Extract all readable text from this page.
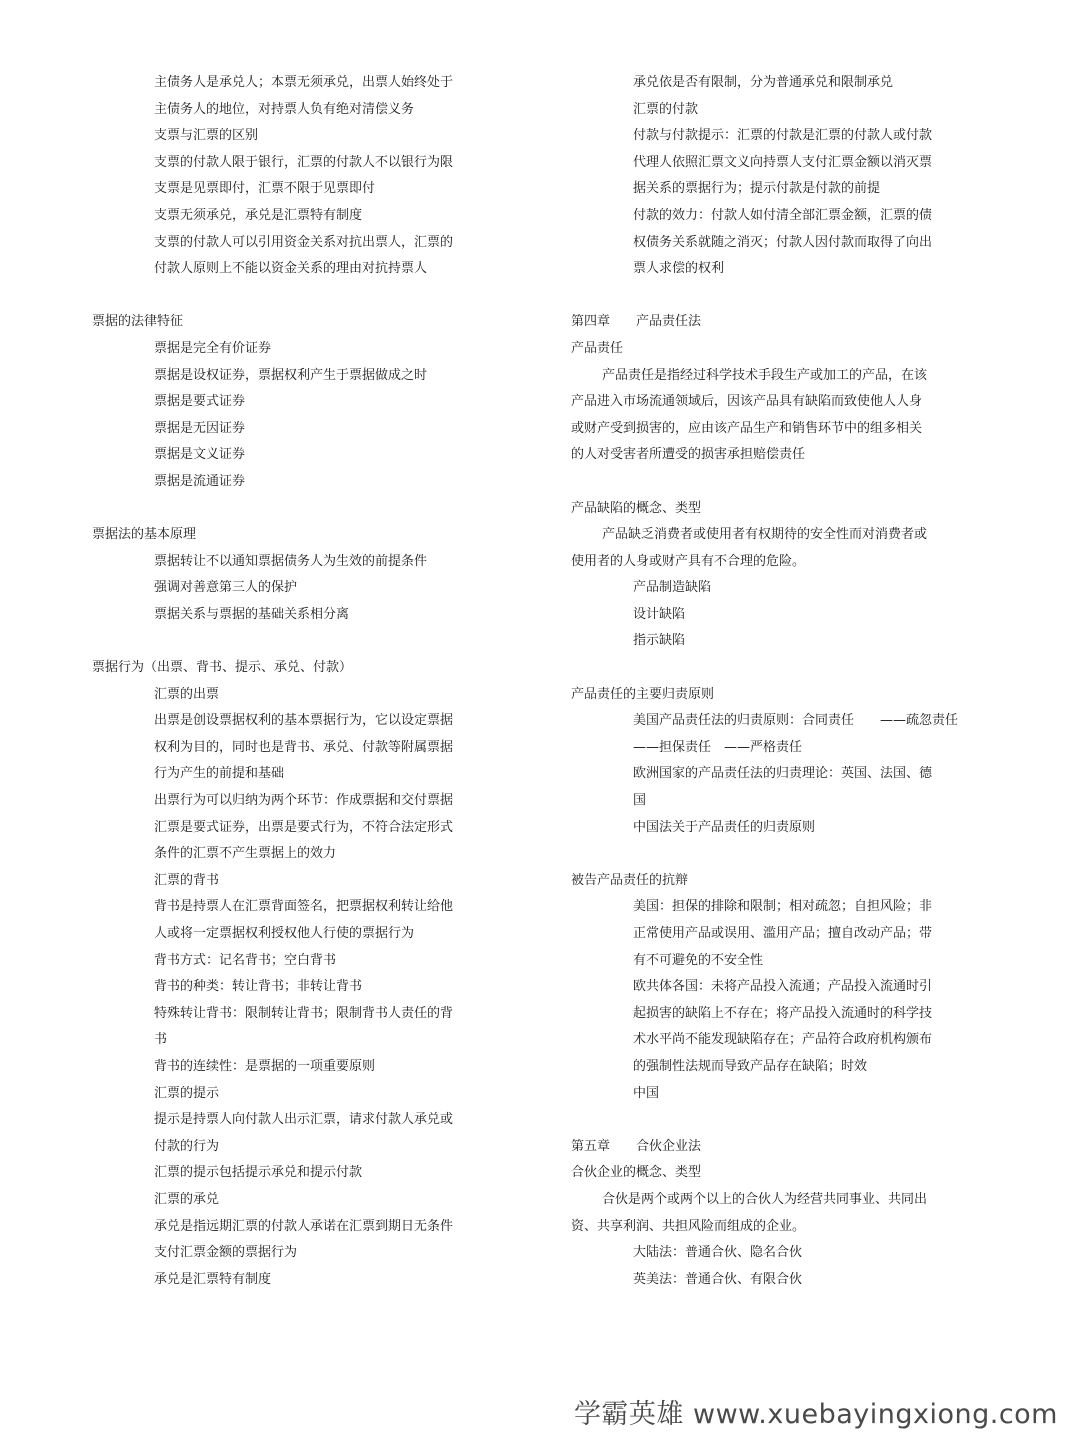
主债务人是承兑人；本票无须承兑，出票人始终处于
主债务人的地位，对持票人负有绝对清偿义务
支票与汇票的区别
支票的付款人限于银行，汇票的付款人不以银行为限
支票是见票即付，汇票不限于见票即付
支票无须承兑，承兑是汇票特有制度
支票的付款人可以引用资金关系对抗出票人，汇票的
付款人原则上不能以资金关系的理由对抗持票人
票据的法律特征
票据是完全有价证券
票据是设权证券，票据权利产生于票据做成之时
票据是要式证券
票据是无因证券
票据是文义证券
票据是流通证券
票据法的基本原理
票据转让不以通知票据债务人为生效的前提条件
强调对善意第三人的保护
票据关系与票据的基础关系相分离
票据行为（出票、背书、提示、承兑、付款）
汇票的出票
出票是创设票据权利的基本票据行为，它以设定票据
权利为目的，同时也是背书、承兑、付款等附属票据
行为产生的前提和基础
出票行为可以归纳为两个环节：作成票据和交付票据
汇票是要式证券，出票是要式行为，不符合法定形式
条件的汇票不产生票据上的效力
汇票的背书
背书是持票人在汇票背面签名，把票据权利转让给他
人或将一定票据权利授权他人行使的票据行为
背书方式：记名背书；空白背书
背书的种类：转让背书；非转让背书
特殊转让背书：限制转让背书；限制背书人责任的背
书
背书的连续性：是票据的一项重要原则
汇票的提示
提示是持票人向付款人出示汇票，请求付款人承兑或
付款的行为
汇票的提示包括提示承兑和提示付款
汇票的承兑
承兑是指远期汇票的付款人承诺在汇票到期日无条件
支付汇票金额的票据行为
承兑是汇票特有制度
承兑依是否有限制，分为普通承兑和限制承兑
汇票的付款
付款与付款提示：汇票的付款是汇票的付款人或付款
代理人依照汇票文义向持票人支付汇票金额以消灭票
据关系的票据行为；提示付款是付款的前提
付款的效力：付款人如付清全部汇票金额，汇票的债
权债务关系就随之消灭；付款人因付款而取得了向出
票人求偿的权利
第四章　　产品责任法
产品责任
产品责任是指经过科学技术手段生产或加工的产品，在该
产品进入市场流通领域后，因该产品具有缺陷而致使他人人身
或财产受到损害的，应由该产品生产和销售环节中的组多相关
的人对受害者所遭受的损害承担赔偿责任
产品缺陷的概念、类型
产品缺乏消费者或使用者有权期待的安全性而对消费者或
使用者的人身或财产具有不合理的危险。
产品制造缺陷
设计缺陷
指示缺陷
产品责任的主要归责原则
美国产品责任法的归责原则：合同责任　　——疏忽责任
——担保责任　——严格责任
欧洲国家的产品责任法的归责理论：英国、法国、德
国
中国法关于产品责任的归责原则
被告产品责任的抗辩
美国：担保的排除和限制；相对疏忽；自担风险；非
正常使用产品或误用、滥用产品；擅自改动产品；带
有不可避免的不安全性
欧共体各国：未将产品投入流通；产品投入流通时引
起损害的缺陷上不存在；将产品投入流通时的科学技
术水平尚不能发现缺陷存在；产品符合政府机构颁布
的强制性法规而导致产品存在缺陷；时效
中国
第五章　　合伙企业法
合伙企业的概念、类型
合伙是两个或两个以上的合伙人为经营共同事业、共同出
资、共享利润、共担风险而组成的企业。
大陆法：普通合伙、隐名合伙
英美法：普通合伙、有限合伙
学霸英雄 www.xuebayingxiong.com
